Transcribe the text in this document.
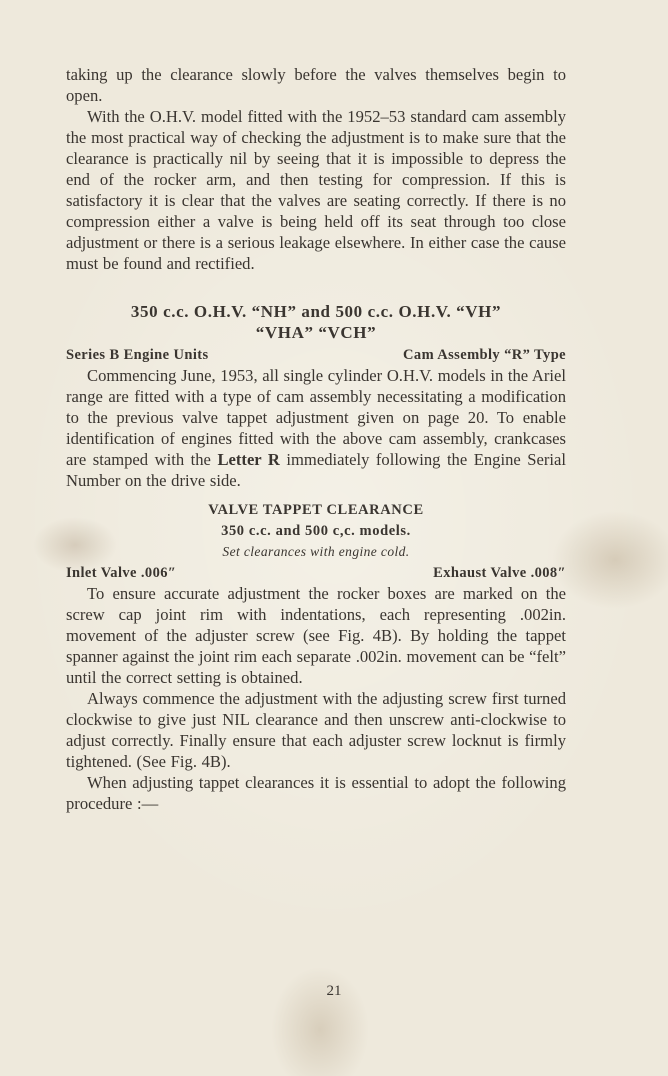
taking up the clearance slowly before the valves themselves begin to open.

With the O.H.V. model fitted with the 1952–53 standard cam assembly the most practical way of checking the adjustment is to make sure that the clearance is practically nil by seeing that it is impossible to depress the end of the rocker arm, and then testing for compression. If this is satisfactory it is clear that the valves are seating correctly. If there is no compression either a valve is being held off its seat through too close adjustment or there is a serious leakage elsewhere. In either case the cause must be found and rectified.

350 c.c. O.H.V. “NH” and 500 c.c. O.H.V. “VH”

“VHA” “VCH”

Series B Engine Units	Cam Assembly “R” Type

Commencing June, 1953, all single cylinder O.H.V. models in the Ariel range are fitted with a type of cam assembly necessitating a modification to the previous valve tappet adjustment given on page 20. To enable identification of engines fitted with the above cam assembly, crankcases are stamped with the Letter R immediately following the Engine Serial Number on the drive side.

VALVE TAPPET CLEARANCE

350 c.c. and 500 c,c. models.

Set clearances with engine cold.

Inlet Valve .006″	Exhaust Valve .008″

To ensure accurate adjustment the rocker boxes are marked on the screw cap joint rim with indentations, each representing .002in. movement of the adjuster screw (see Fig. 4B). By holding the tappet spanner against the joint rim each separate .002in. movement can be “felt” until the correct setting is obtained.

Always commence the adjustment with the adjusting screw first turned clockwise to give just NIL clearance and then unscrew anti-clockwise to adjust correctly. Finally ensure that each adjuster screw locknut is firmly tightened. (See Fig. 4B).

When adjusting tappet clearances it is essential to adopt the following procedure :—

21
